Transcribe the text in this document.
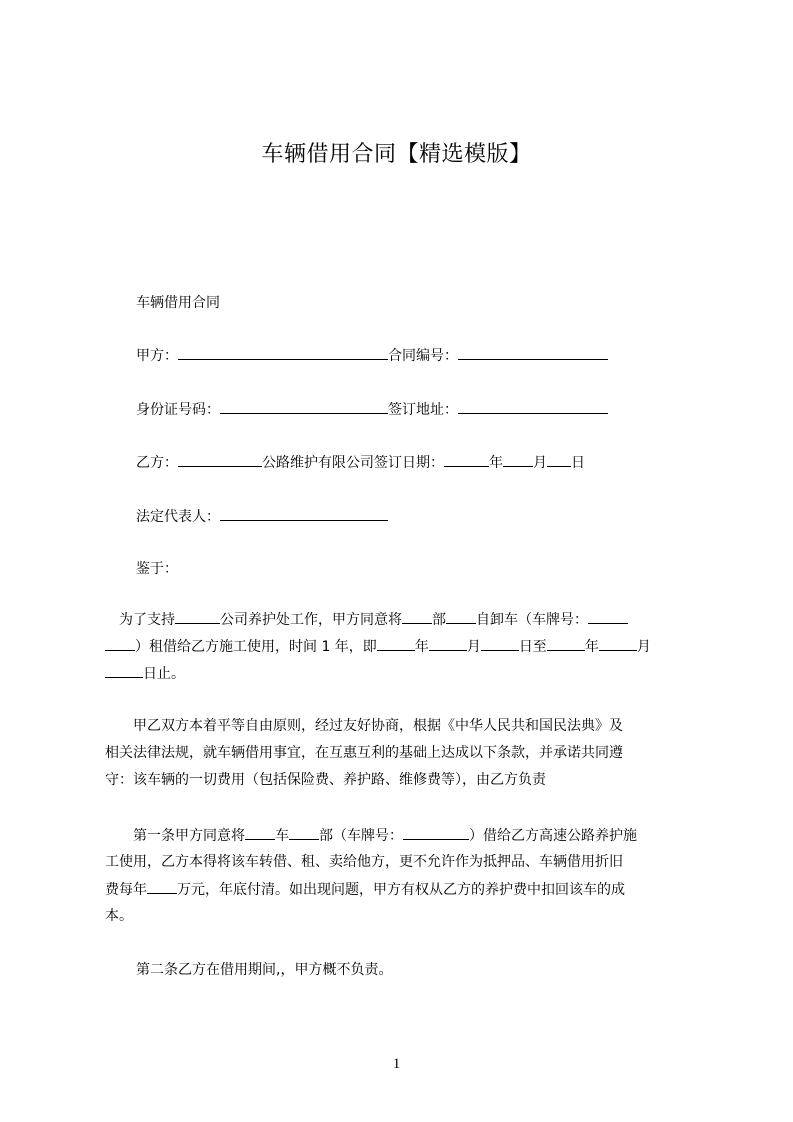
车辆借用合同【精选模版】
车辆借用合同
甲方：	合同编号：
身份证号码：	签订地址：
乙方：	公路维护有限公司签订日期：	年 月 日
法定代表人：
鉴于：
　为了支持	公司养护处工作，甲方同意将 部 自卸车（车牌号：
）租借给乙方施工使用，时间 1 年，即	年	月	日至	年	月
日止。
　　甲乙双方本着平等自由原则，经过友好协商，根据《中华人民共和国民法典》及
相关法律法规，就车辆借用事宜，在互惠互利的基础上达成以下条款，并承诺共同遵
守：该车辆的一切费用（包括保险费、养护路、维修费等），由乙方负责
　　第一条甲方同意将 车 部（车牌号：	）借给乙方高速公路养护施
工使用，乙方本得将该车转借、租、卖给他方，更不允许作为抵押品、车辆借用折旧
费每年 万元，年底付清。如出现问题，甲方有权从乙方的养护费中扣回该车的成
本。
第二条乙方在借用期间,，甲方概不负责。
1
